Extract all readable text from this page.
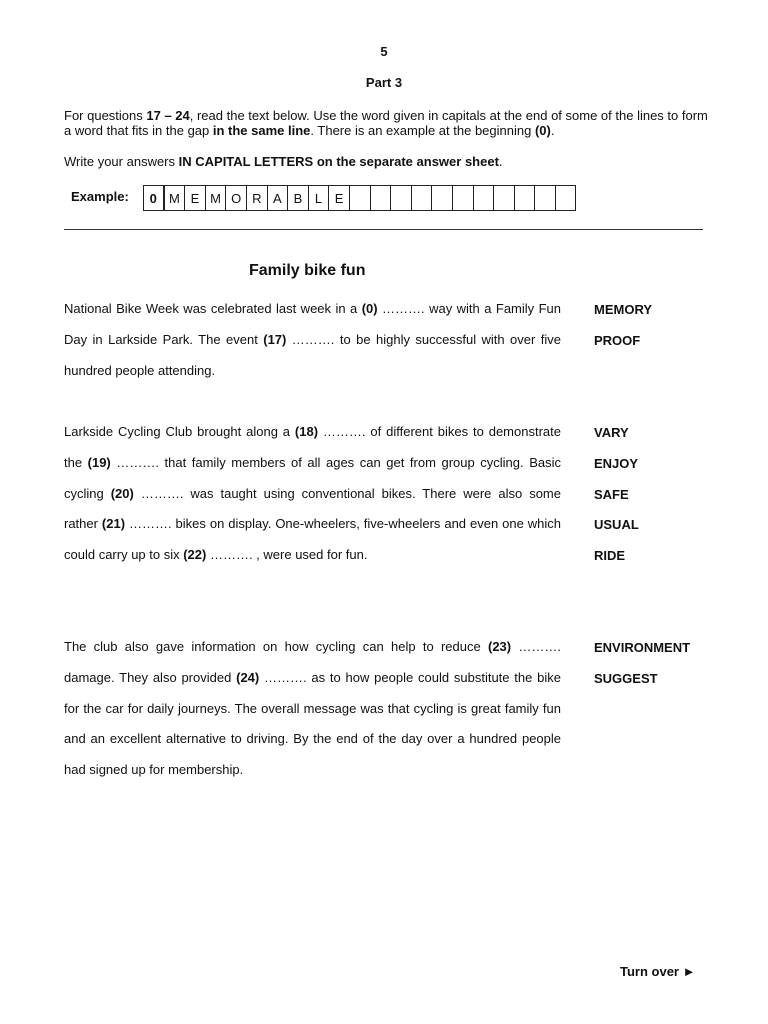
5
Part 3
For questions 17 – 24, read the text below. Use the word given in capitals at the end of some of the lines to form a word that fits in the gap in the same line. There is an example at the beginning (0).
Write your answers IN CAPITAL LETTERS on the separate answer sheet.
Example:	0 M E M O R A B L E
Family bike fun
National Bike Week was celebrated last week in a (0) ………. way with a Family Fun Day in Larkside Park. The event (17) ………. to be highly successful with over five hundred people attending.
Larkside Cycling Club brought along a (18) ………. of different bikes to demonstrate the (19) ………. that family members of all ages can get from group cycling. Basic cycling (20) ………. was taught using conventional bikes. There were also some rather (21) ………. bikes on display. One-wheelers, five-wheelers and even one which could carry up to six (22) ………. , were used for fun.
The club also gave information on how cycling can help to reduce (23) ………. damage. They also provided (24) ………. as to how people could substitute the bike for the car for daily journeys. The overall message was that cycling is great family fun and an excellent alternative to driving. By the end of the day over a hundred people had signed up for membership.
MEMORY
PROOF
VARY
ENJOY
SAFE
USUAL
RIDE
ENVIRONMENT
SUGGEST
Turn over ►
